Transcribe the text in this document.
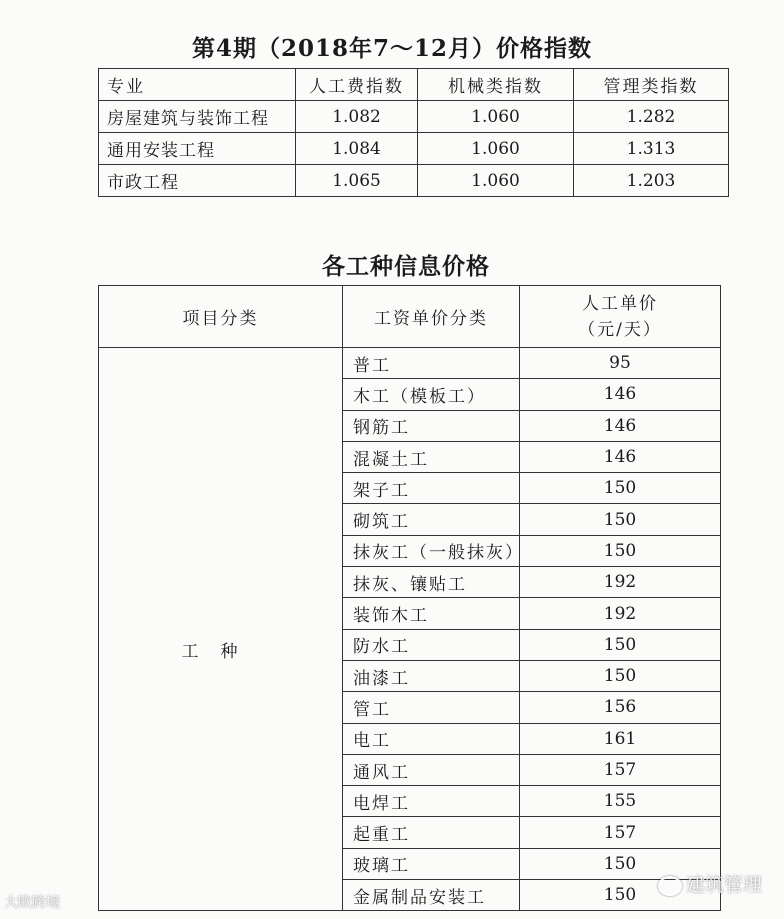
第4期（2018年7～12月）价格指数
专业	人工费指数	机械类指数	管理类指数
房屋建筑与装饰工程	1.082	1.060	1.282
通用安装工程	1.084	1.060	1.313
市政工程	1.065	1.060	1.203
各工种信息价格
项目分类	工资单价分类	人工单价
（元/天）

工种	普工	95
	木工（模板工）	146
	钢筋工	146
	混凝土工	146
	架子工	150
	砌筑工	150
	抹灰工（一般抹灰）	150
	抹灰、镶贴工	192
	装饰木工	192
	防水工	150
	油漆工	150
	管工	156
	电工	161
	通风工	157
	电焊工	155
	起重工	157
	玻璃工	150
	金属制品安装工	150
大欧跨境
建筑管理
